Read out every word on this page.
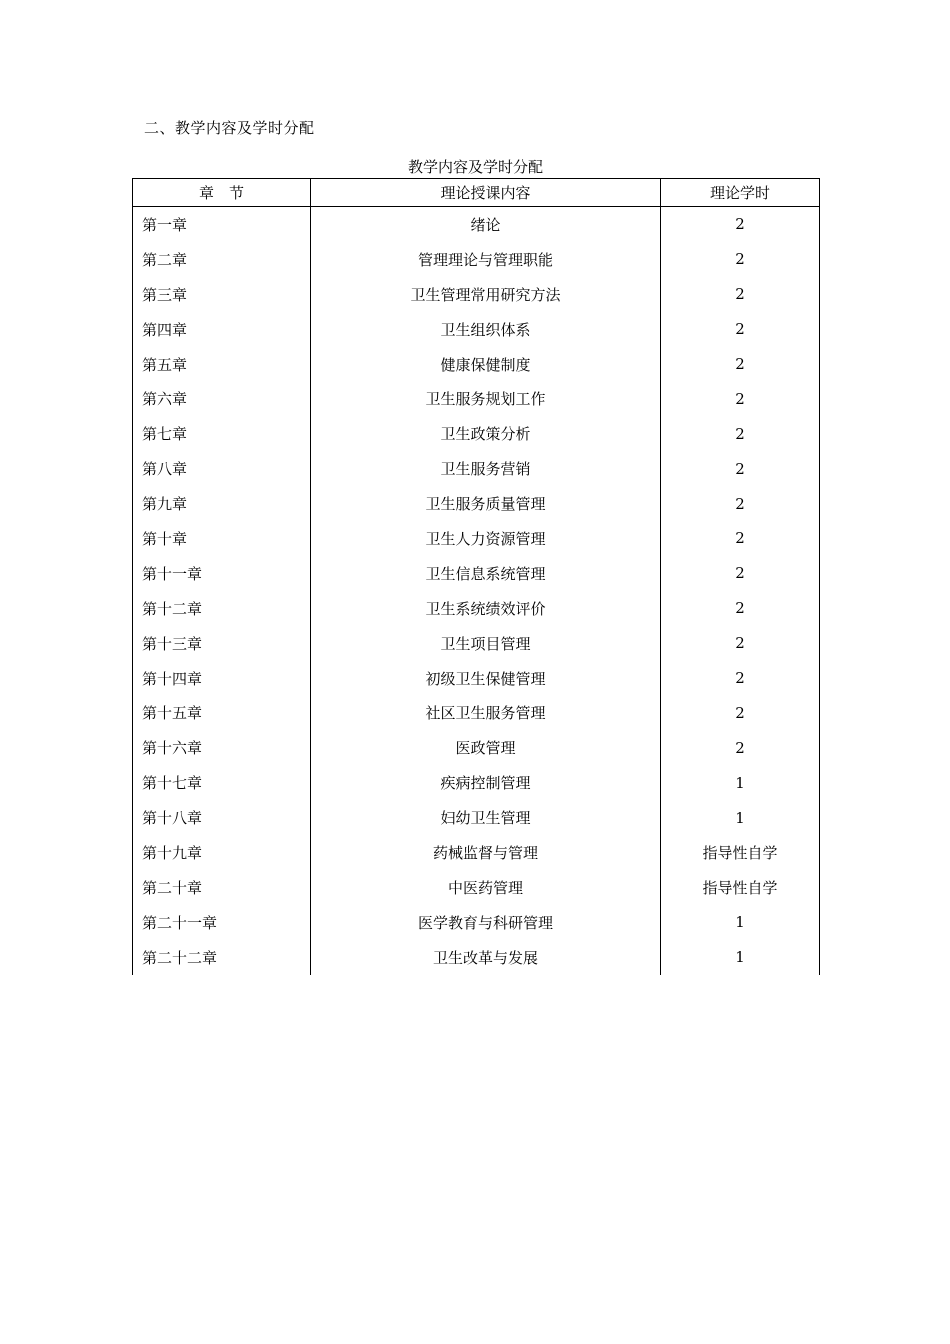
二、教学内容及学时分配
教学内容及学时分配
章　节	理论授课内容	理论学时
第一章	绪论	2
第二章	管理理论与管理职能	2
第三章	卫生管理常用研究方法	2
第四章	卫生组织体系	2
第五章	健康保健制度	2
第六章	卫生服务规划工作	2
第七章	卫生政策分析	2
第八章	卫生服务营销	2
第九章	卫生服务质量管理	2
第十章	卫生人力资源管理	2
第十一章	卫生信息系统管理	2
第十二章	卫生系统绩效评价	2
第十三章	卫生项目管理	2
第十四章	初级卫生保健管理	2
第十五章	社区卫生服务管理	2
第十六章	医政管理	2
第十七章	疾病控制管理	1
第十八章	妇幼卫生管理	1
第十九章	药械监督与管理	指导性自学
第二十章	中医药管理	指导性自学
第二十一章	医学教育与科研管理	1
第二十二章	卫生改革与发展	1
